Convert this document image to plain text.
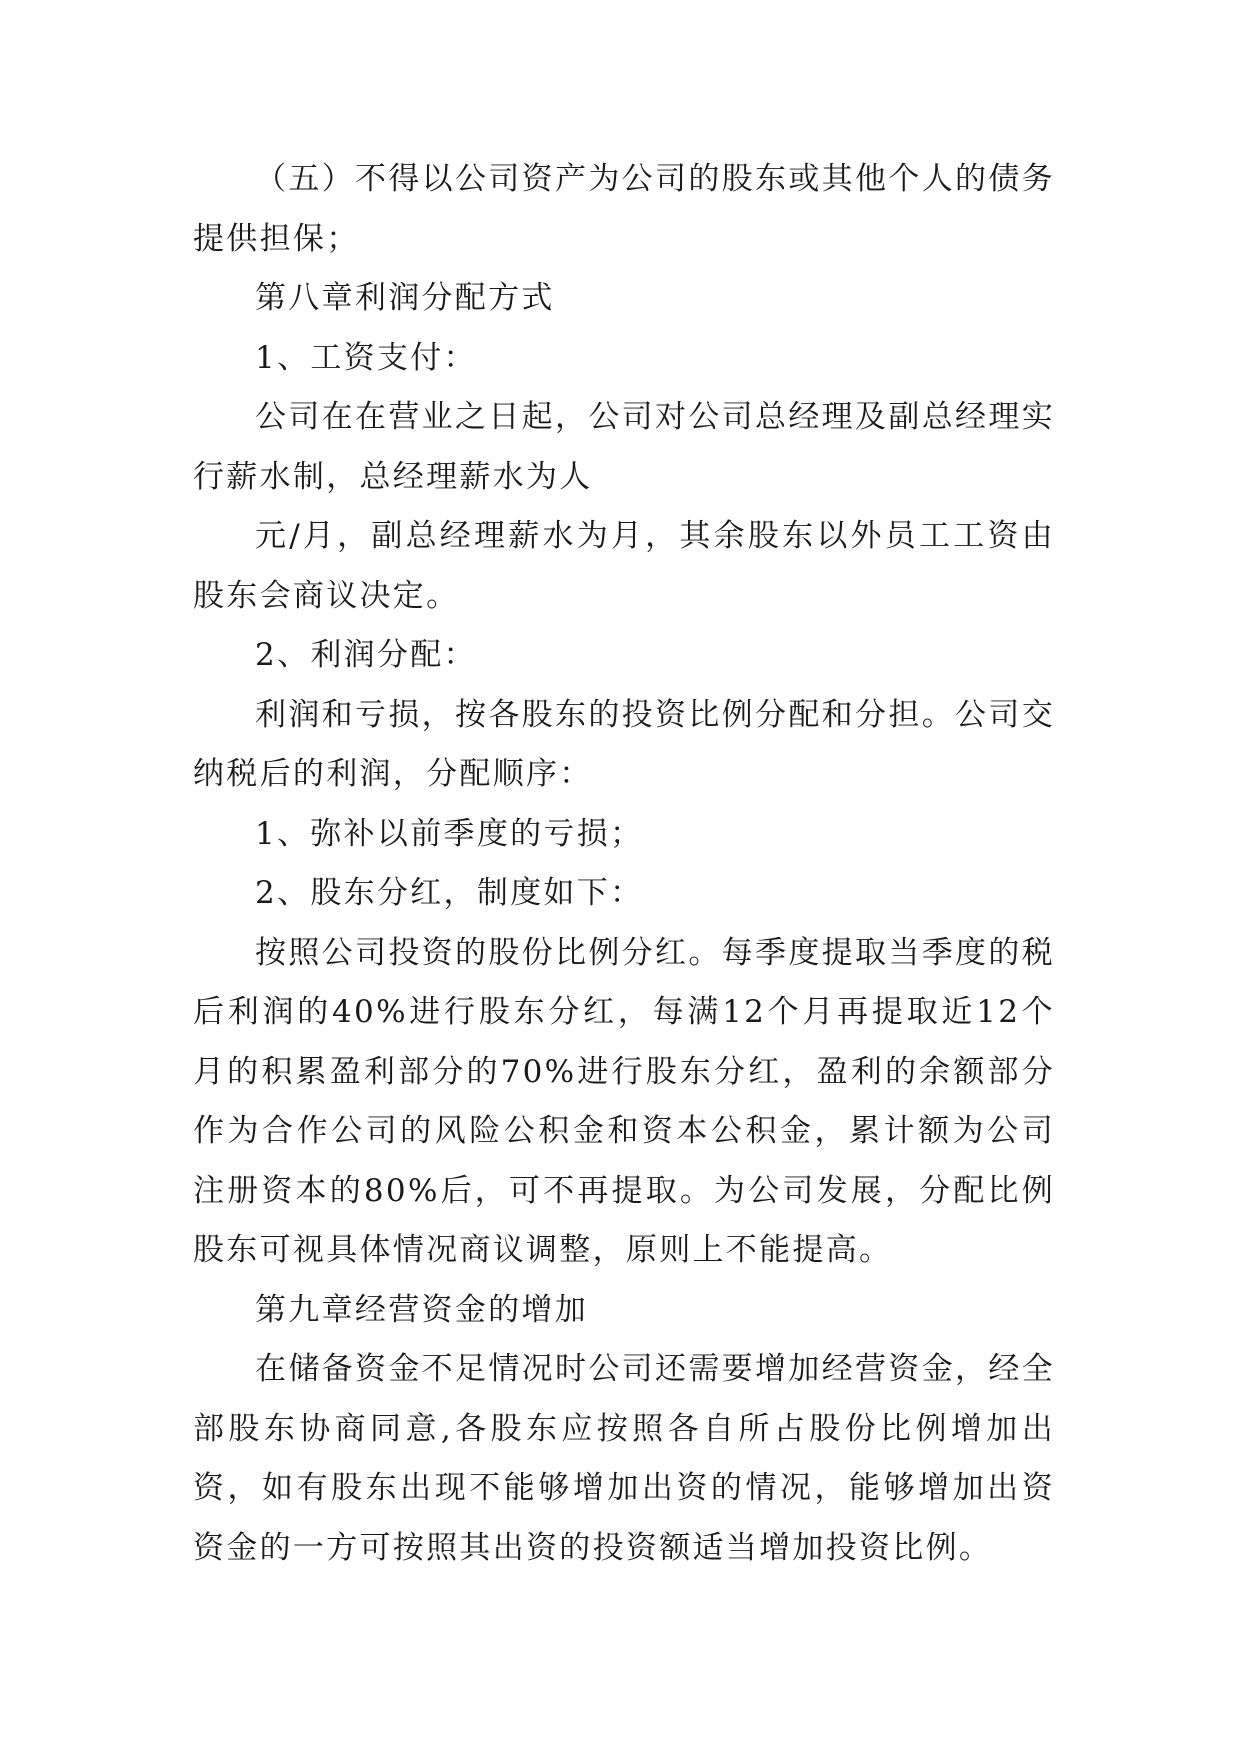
（五）不得以公司资产为公司的股东或其他个人的债务提供担保；

第八章利润分配方式

1、工资支付：

公司在在营业之日起，公司对公司总经理及副总经理实行薪水制，总经理薪水为人

元/月，副总经理薪水为月，其余股东以外员工工资由股东会商议决定。

2、利润分配：

利润和亏损，按各股东的投资比例分配和分担。公司交纳税后的利润，分配顺序：

1、弥补以前季度的亏损；

2、股东分红，制度如下：

按照公司投资的股份比例分红。每季度提取当季度的税后利润的40%进行股东分红，每满12个月再提取近12个月的积累盈利部分的70%进行股东分红，盈利的余额部分作为合作公司的风险公积金和资本公积金，累计额为公司注册资本的80%后，可不再提取。为公司发展，分配比例股东可视具体情况商议调整，原则上不能提高。

第九章经营资金的增加

在储备资金不足情况时公司还需要增加经营资金，经全部股东协商同意,各股东应按照各自所占股份比例增加出资，如有股东出现不能够增加出资的情况，能够增加出资资金的一方可按照其出资的投资额适当增加投资比例。
